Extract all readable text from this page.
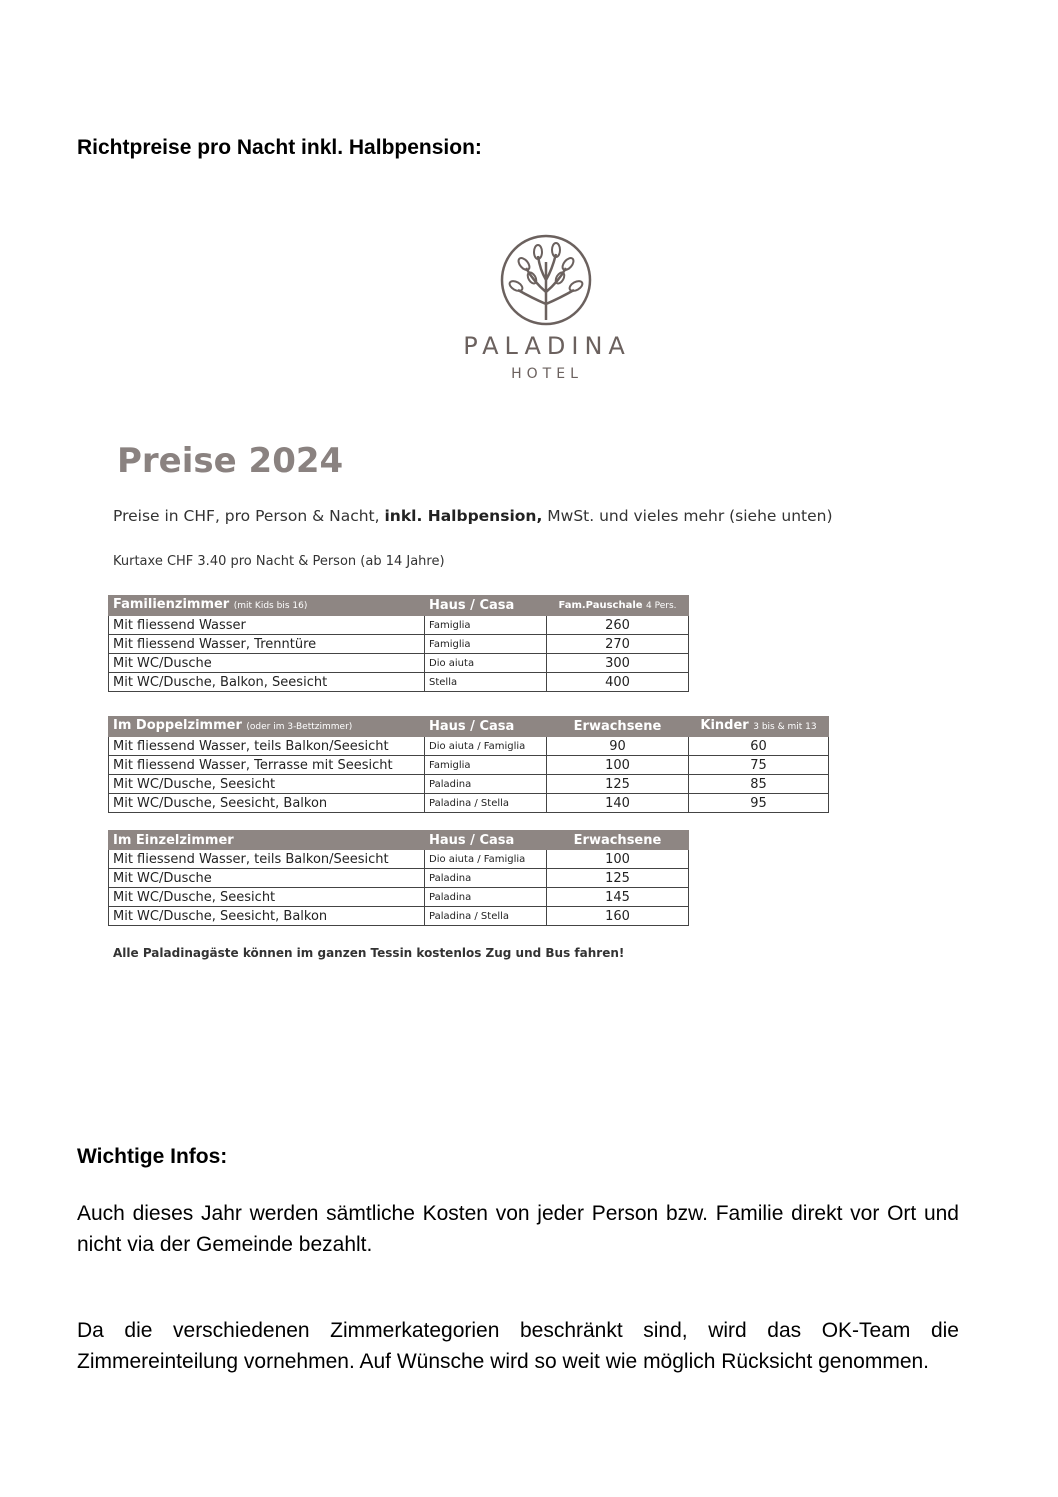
Richtpreise pro Nacht inkl. Halbpension:
PALADINA
HOTEL
Preise 2024
Preise in CHF, pro Person & Nacht, inkl. Halbpension, MwSt. und vieles mehr (siehe unten)
Kurtaxe CHF 3.40 pro Nacht & Person (ab 14 Jahre)
Familienzimmer (mit Kids bis 16)	Haus / Casa	Fam.Pauschale 4 Pers.
Mit fliessend Wasser	Famiglia	260
Mit fliessend Wasser, Trenntüre	Famiglia	270
Mit WC/Dusche	Dio aiuta	300
Mit WC/Dusche, Balkon, Seesicht	Stella	400
Im Doppelzimmer (oder im 3-Bettzimmer)	Haus / Casa	Erwachsene	Kinder 3 bis & mit 13
Mit fliessend Wasser, teils Balkon/Seesicht	Dio aiuta / Famiglia	90	60
Mit fliessend Wasser, Terrasse mit Seesicht	Famiglia	100	75
Mit WC/Dusche, Seesicht	Paladina	125	85
Mit WC/Dusche, Seesicht, Balkon	Paladina / Stella	140	95
Im Einzelzimmer	Haus / Casa	Erwachsene
Mit fliessend Wasser, teils Balkon/Seesicht	Dio aiuta / Famiglia	100
Mit WC/Dusche	Paladina	125
Mit WC/Dusche, Seesicht	Paladina	145
Mit WC/Dusche, Seesicht, Balkon	Paladina / Stella	160
Alle Paladinagäste können im ganzen Tessin kostenlos Zug und Bus fahren!
Wichtige Infos:
Auch dieses Jahr werden sämtliche Kosten von jeder Person bzw. Familie direkt vor Ort und nicht via der Gemeinde bezahlt.
Da die verschiedenen Zimmerkategorien beschränkt sind, wird das OK-Team die Zimmereinteilung vornehmen. Auf Wünsche wird so weit wie möglich Rücksicht genommen.
